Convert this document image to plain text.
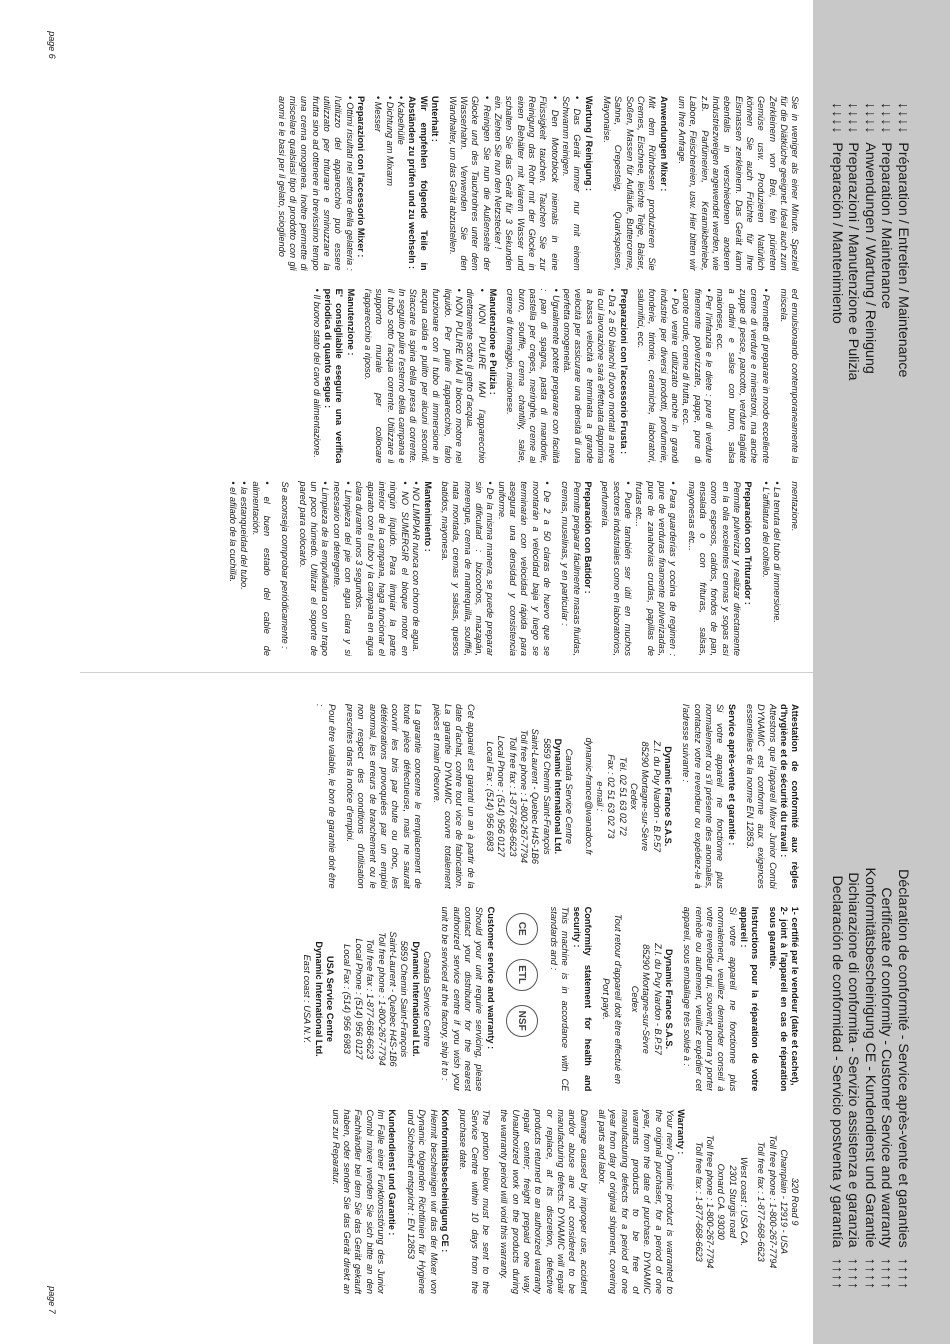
page 6
page 7
↓↓↓↓Préparation / Entretien / Maintenance
↓↓↓↓Preparation / Maintenance
↓↓↓↓Anwendungen / Wartung / Reinigung
↓↓↓↓Preparazioni / Manutenzione e Pulizia
↓↓↓↓Preparación / Mantenimiento

Sie in weniger als einer Minute. Speziell für die Diätküche geeignet. Ideal auch zum Zerkleinern von Brei, fein pürierten Gemüse usw. Produzieren Natürlich können Sie auch Früchte für Ihre Eismassen zerkleinern. Das Gerät kann ebenfalls in verschiedenen anderen Industriezweigen angewendet werden, wie z.B. Parfümerien, Keramikbetriebe, Labore, Fleischereien, usw. Hier bitten wir um Ihre Anfrage.

Anwendungen Mixer :

Mit dem Rührbesen produzieren Sie Cremes, Eischnee, leichte Teige, Baiser, Soßen, Massen für Aufläufe, Buttercreme, Sahne, Crepesteig, Quarkspeisen, Mayonaise.

Wartung / Reinigung :
• Das Gerät immer nur mit einem Schwamm reinigen.
• Den Motorblock niemals in eine Flüssigkeit tauchen. Tauchen Sie zur Reinigung das Rohr mit der Glocke in einen Behälter mit klarem Wasser und schalten Sie das Gerät für 3 Sekunden ein. Ziehen Sie nun den Netzstecker !
• Reinigen Sie nun die Außenseite der Glocke und des Tauchrohres unter dem Wasserhahn. Verwenden Sie den Wandhalter, um das Gerät abzustellen.
Unterhalt :
Wir empfehlen folgende Teile in Abständen zu prüfen und zu wechseln :
• Kabelhülle
• Dichtung am Mixarm
• Messer
Preparazioni con l'accessorio Mixer :
• Ottimi risultati nel settore della gelateria : l'utilizzo del apparecchio può essere utilizzato per triturare e sminuzzare la frutta sino ad ottenere in brevissimo tempo una crema omogenea. Inoltre permette di miscelare qualsiasi tipo di prodotto con gli aromi e le basi per il gelato, sciogliendo

ed emulsionando contemporaneamente la miscela.

• Permette di preparare in modo eccellente creme di verdure e minestroni, ma anche zuppe di pesce, pancotto, verdure tagliate a dadini e salse con burro, salsa maionese, ecc.
• Per l'infanzia e le diete : pure di verdure finemente polverizzate, pappe, pure di carote crude, creme di frutta, ecc.
• Può venire utilizzato anche in grandi industrie per diversi prodotti, profumerie, fonderie, tintorie, ceramiche, laboratori, salumifici, ecc.
Preparazioni con l'accessorio Frusta :
• Da 2 a 50 bianchi d'uovo montati a neve la cui lavorazione sarà effettuata dapprima a bassa velocità e terminata a grande velocità per assicurare una densità di una perfetta omogeneità.
• Ugualmente potete preparare con facilità : pan di spagna, pasta di mandorle, pastella per crepes, meringhe, creme al burro, souffle, crema chantilly, salse, creme di formaggio, maionese.
Manutenzione e Pulizia :
• NON PULIRE MAI l'apparecchio direttamente sotto il getto d'acqua.
• NON PULIRE MAI il blocco motore nel liquido. Per pulire l'apparecchio, farlo funzionare con il tubo di immersione in acqua calda e pulito per alcuni secondi. Staccare la spina della presa di corrente. In seguito pulire l'esterno della campana e il tubo sotto l'acqua corrente. Utilizzare il supporto murale per collocare l'apparecchio a riposo.
Manutenzione :
E' consigliabile eseguire una verifica periodica di quanto segue :
• Il buono stato del cavo di alimentazione.

mentazione.

• La tenuta del tubo di immersione.
• L'affilatura del coltello.
Preparación con Triturador :

Permite pulverizar y realizar directamente en la olla excelentes cremas y sopas así como espesos, caldos, fondos de pan, ensalada o con frituras, salsas, mayonesas etc...

• Para guarderías y cocina de regimen : pure de verduras finamente pulverizadas, pure de zanahorias crudas, papillas de frutas etc...
• Puede también ser útil en muchos sectores industriales como en laboratorios, perfumería.
Preparación con Batidor :

Permite preparar fácilmente masas fluidas, cremas, muselinas, y en particular :

• De 2 a 50 claras de huevo que se montarán a velocidad baja y luego se terminarán con velocidad rápida para asegurar una densidad y consistencia uniforme.
• De la misma manera, se puede preparar sin dificultad : bizcochos, mazapán, merengue, crema de mantequilla, soufflé, nata montada, cremas y salsas, quesos batidos, mayonesa.
Mantenimiento :
• NO LIMPIAR nunca con chorro de agua.
• NO SUMERGIR el bloque motor en ningún líquido. Para limpiar la parte interior de la campana, haga funcionar el aparato con el tubo y la campana en agua clara durante unos 3 segundos.
• Limpieza del pie con agua clara y si necesario con detergente.
• Limpieza de la empuñadura con un trapo un poco húmedo. Utilizar el soporte de pared para colocarlo.

Se aconseja comprobar periódicamente :

• el buen estado del cable de alimentación.
• la estanqueidad del tubo.
• el afilado de la cuchilla.
Déclaration de conformité - Service après-vente et garanties ↑↑↑↑
Certificate of conformity - Customer Service and warranty ↑↑↑↑
Konformitätsbescheinigung CE - Kundendienst und Garantie ↑↑↑↑
Dichiarazione di conformita - Servizio assistenza e garanzia ↑↑↑↑
Declaración de conformidad - Servicio postventa y garantía ↑↑↑↑
Attestation de conformité aux règles d'hygiène et de sécurité du travail :

Attestons que l'appareil Mixer Junior Combi DYNAMIC est conforme aux exigences essentielles de la norme EN 12853.

Service après-vente et garantie :

Si votre appareil ne fonctionne plus normalement ou s'il présente des anomalies, contactez votre revendeur ou expédiez-le à l'adresse suivante :

Dynamic France S.A.S.
Z.I. du Puy Nardon - B.P.57
85290 Mortagne-sur-Sèvre
Cedex
Tél. 02 51 63 02 72
Fax : 02 51 63 02 73
e-mail :
dynamic-france@wanadoo.fr
Canada Service Centre
Dynamic International Ltd.
5859 Chemin Saint-François
Saint-Laurent - Quebec H4S-1B6
Toll free phone : 1-800-267-7794
Toll free fax : 1-877-668-6623
Local Phone : (514) 956 0127
Local Fax : (514) 956 6983

Cet appareil est garanti un an à partir de la date d'achat, contre tout vice de fabrication. La garantie DYNAMIC couvre totalement pièces et main d'oeuvre.

La garantie concerne le remplacement de toute pièce défectueuse, mais ne saurait couvrir les bris par chute ou choc, les détériorations provoquées par un emploi anormal, les erreurs de branchement ou le non respect des conditions d'utilisation prescrites dans la notice d'emploi.

Pour être valable, le bon de garantie doit être :

1- certifié par le vendeur (date et cachet),
2- joint à l'appareil en cas de réparation sous garantie.
Instructions pour la réparation de votre appareil :

Si votre appareil ne fonctionne plus normalement, veuillez demander conseil à votre revendeur qui, souvent, pourra y porter remède ou autrement, veuillez expédier cet appareil, sous emballage très solide à :

Dynamic France S.A.S.
Z.I. du Puy Nardon - B.P.57
85290 Mortagne-sur-Sèvre
Cedex

Tout retour d'appareil doit être effectué en Port payé.

Conformity statement for health and security :

This machine is in accordance with CE standards and :

CE
ETL
NSF
Customer service and warranty :

Should your unit require servicing, please contact your distributor for the nearest authorized service centre if you wish your unit to be serviced at the factory, ship it to :

Canada Service Centre
Dynamic International Ltd.
5859 Chemin Saint-François
Saint-Laurent - Quebec H4S-1B6
Toll free phone : 1-800-267-7794
Toll free fax : 1-877-668-6623
Local Phone : (514) 956 0127
Local Fax : (514) 956 6983
USA Service Centre
Dynamic International Ltd.
East coast : USA N.Y.
320 Road 9
Champlain - 12919 - USA
Toll free phone : 1-800-267-7794
Toll free fax : 1-877-668-6623
West coast : USA CA.
2301 Sturgis road
Oxnard CA. 93030
Toll free phone : 1-800-267-7794
Toll free fax : 1-877-668-6623
Warranty :

Your new Dynamic product is warranted to the original purchaser, for a period of one year, from the date of purchase. DYNAMIC warrants products to be free of manufacturing defects for a period of one year from day of original shipment, covering all parts and labor.

Damage caused by improper use, accident and/or abuse are not considered to be manufacturing defects. DYNAMIC will repair or replace, at its discretion, defective products returned to an authorized warranty repair center; freight prepaid one way. Unauthorized work on the products during the warranty period will void this warranty.

The portion below must be sent to the Service Centre within 10 days from the purchase date.

Konformitätsbescheinigung CE :

Hiermit bescheinigen wir das der Mixer von Dynamic folgenden Richtlinien für Hygiene und Sicherheit entspricht : EN 12853

Kundendienst und Garantie :

Im Falle einer Funktionsstörung des Junior Combi mixer wenden Sie sich bitte an den Fachhändler bei dem Sie das Gerät gekauft haben, oder senden Sie das Gerät direkt an uns zur Reparatur.
